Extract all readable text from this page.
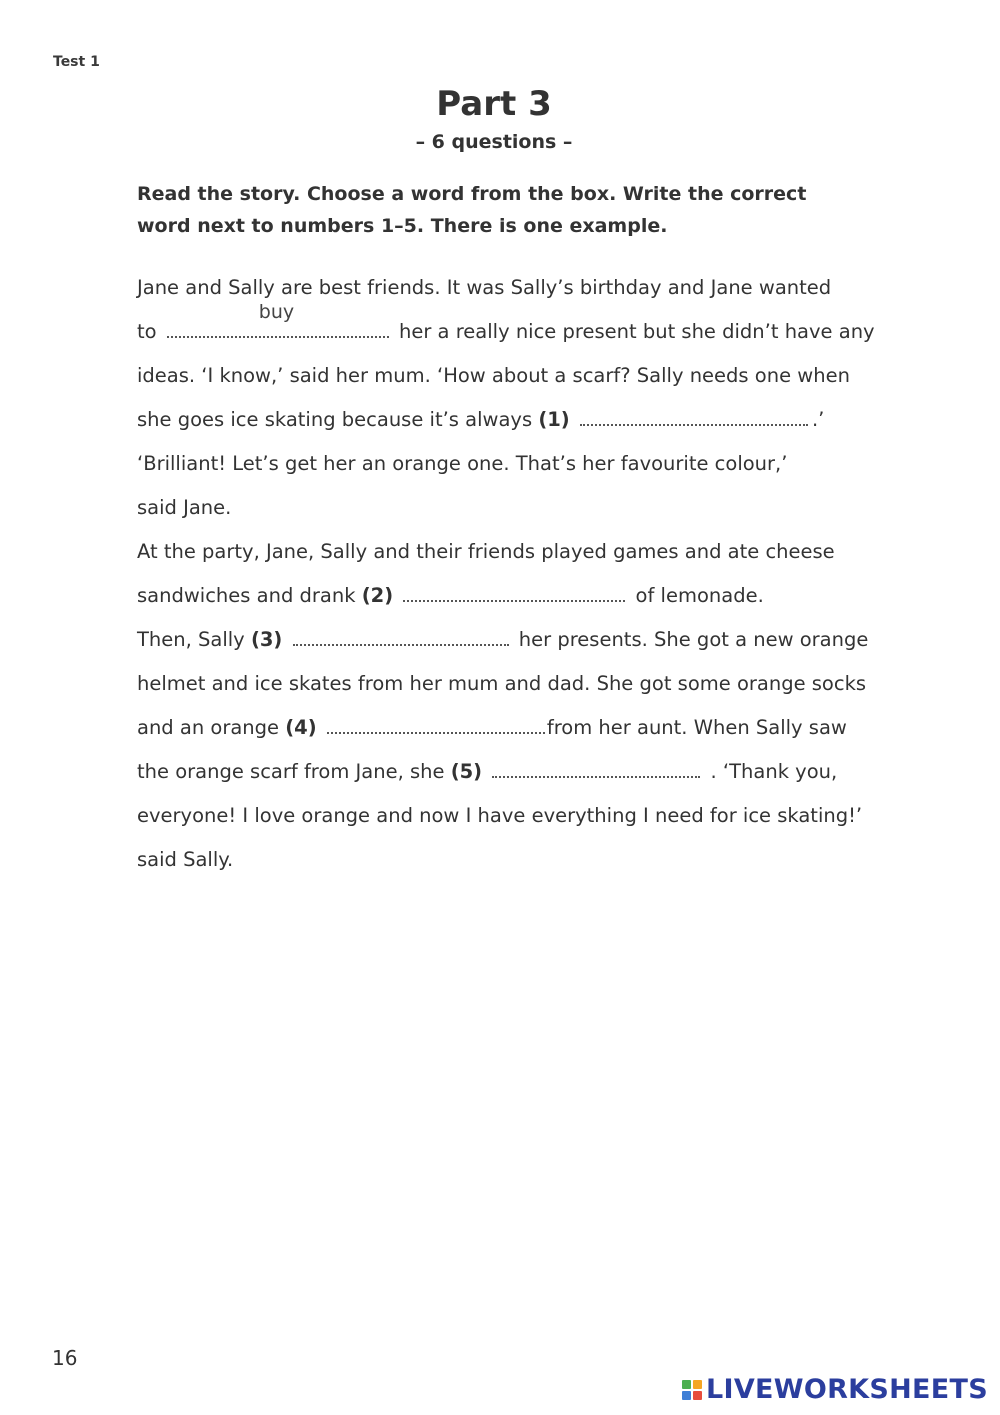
Test 1
Part 3
– 6 questions –
Read the story. Choose a word from the box. Write the correct
word next to numbers 1–5. There is one example.
Jane and Sally are best friends. It was Sally’s birthday and Jane wanted
to
buy
her a really nice present but she didn’t have any
ideas. ‘I know,’ said her mum. ‘How about a scarf? Sally needs one when
she goes ice skating because it’s always (1)	.’
‘Brilliant! Let’s get her an orange one. That’s her favourite colour,’
said Jane.
At the party, Jane, Sally and their friends played games and ate cheese
sandwiches and drank (2)	of lemonade.
Then, Sally (3)	her presents. She got a new orange
helmet and ice skates from her mum and dad. She got some orange socks
and an orange (4)	from her aunt. When Sally saw
the orange scarf from Jane, she (5)	. ‘Thank you,
everyone! I love orange and now I have everything I need for ice skating!’
said Sally.
16
LIVEWORKSHEETS
